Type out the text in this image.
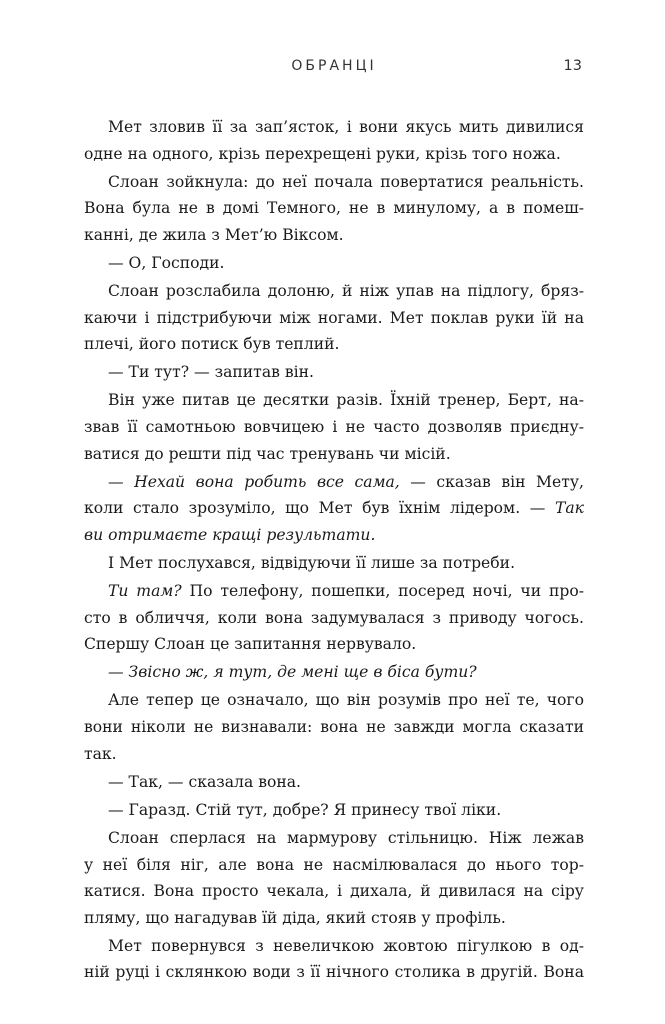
ОБРАНЦІ	13
Мет зловив її за зап’ясток, і вони якусь мить дивилися
одне на одного, крізь перехрещені руки, крізь того ножа.
Слоан зойкнула: до неї почала повертатися реальність.
Вона була не в домі Темного, не в минулому, а в помеш-
канні, де жила з Мет’ю Віксом.
— О, Господи.
Слоан розслабила долоню, й ніж упав на підлогу, бряз-
каючи і підстрибуючи між ногами. Мет поклав руки їй на
плечі, його потиск був теплий.
— Ти тут? — запитав він.
Він уже питав це десятки разів. Їхній тренер, Берт, на-
звав її самотньою вовчицею і не часто дозволяв приєдну-
ватися до решти під час тренувань чи місій.
— Нехай вона робить все сама, — сказав він Мету,
коли стало зрозуміло, що Мет був їхнім лідером. — Так
ви отримаєте кращі результати.
І Мет послухався, відвідуючи її лише за потреби.
Ти там? По телефону, пошепки, посеред ночі, чи про-
сто в обличчя, коли вона задумувалася з приводу чогось.
Спершу Слоан це запитання нервувало.
— Звісно ж, я тут, де мені ще в біса бути?
Але тепер це означало, що він розумів про неї те, чого
вони ніколи не визнавали: вона не завжди могла сказати
так.
— Так, — сказала вона.
— Гаразд. Стій тут, добре? Я принесу твої ліки.
Слоан сперлася на мармурову стільницю. Ніж лежав
у неї біля ніг, але вона не насмілювалася до нього тор-
катися. Вона просто чекала, і дихала, й дивилася на сіру
пляму, що нагадував їй діда, який стояв у профіль.
Мет повернувся з невеличкою жовтою пігулкою в од-
ній руці і склянкою води з її нічного столика в другій. Вона
